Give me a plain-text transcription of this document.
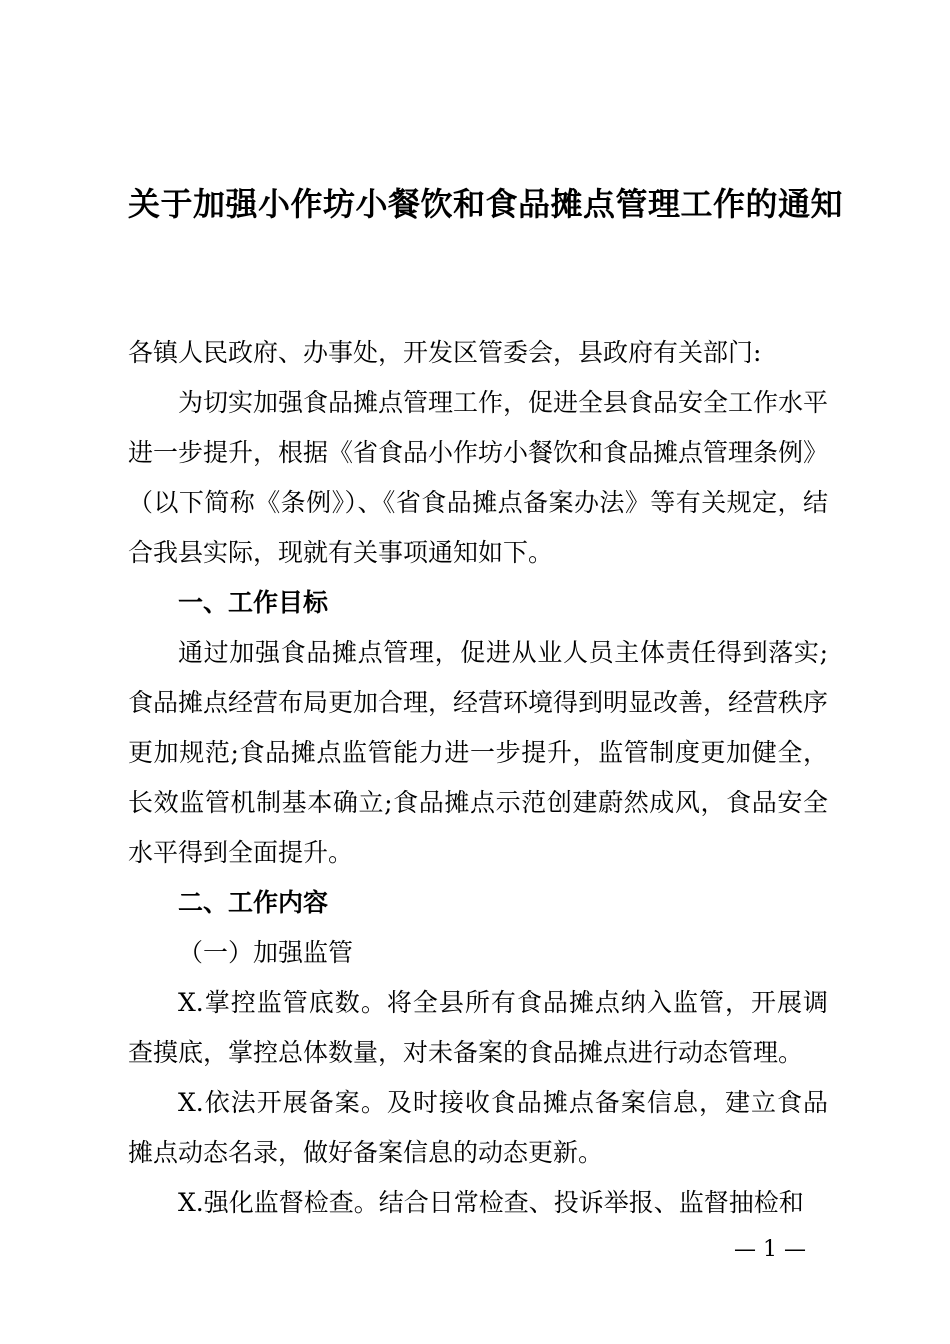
关于加强小作坊小餐饮和食品摊点管理工作的通知

各镇人民政府、办事处，开发区管委会，县政府有关部门:

为切实加强食品摊点管理工作，促进全县食品安全工作水平进一步提升，根据《省食品小作坊小餐饮和食品摊点管理条例》（以下简称《条例》）、《省食品摊点备案办法》等有关规定，结合我县实际，现就有关事项通知如下。

一、工作目标

通过加强食品摊点管理，促进从业人员主体责任得到落实;食品摊点经营布局更加合理，经营环境得到明显改善，经营秩序更加规范;食品摊点监管能力进一步提升，监管制度更加健全，长效监管机制基本确立;食品摊点示范创建蔚然成风，食品安全水平得到全面提升。

二、工作内容

（一）加强监管

X.掌控监管底数。将全县所有食品摊点纳入监管，开展调查摸底，掌控总体数量，对未备案的食品摊点进行动态管理。

X.依法开展备案。及时接收食品摊点备案信息，建立食品摊点动态名录，做好备案信息的动态更新。

X.强化监督检查。结合日常检查、投诉举报、监督抽检和

— 1 —
